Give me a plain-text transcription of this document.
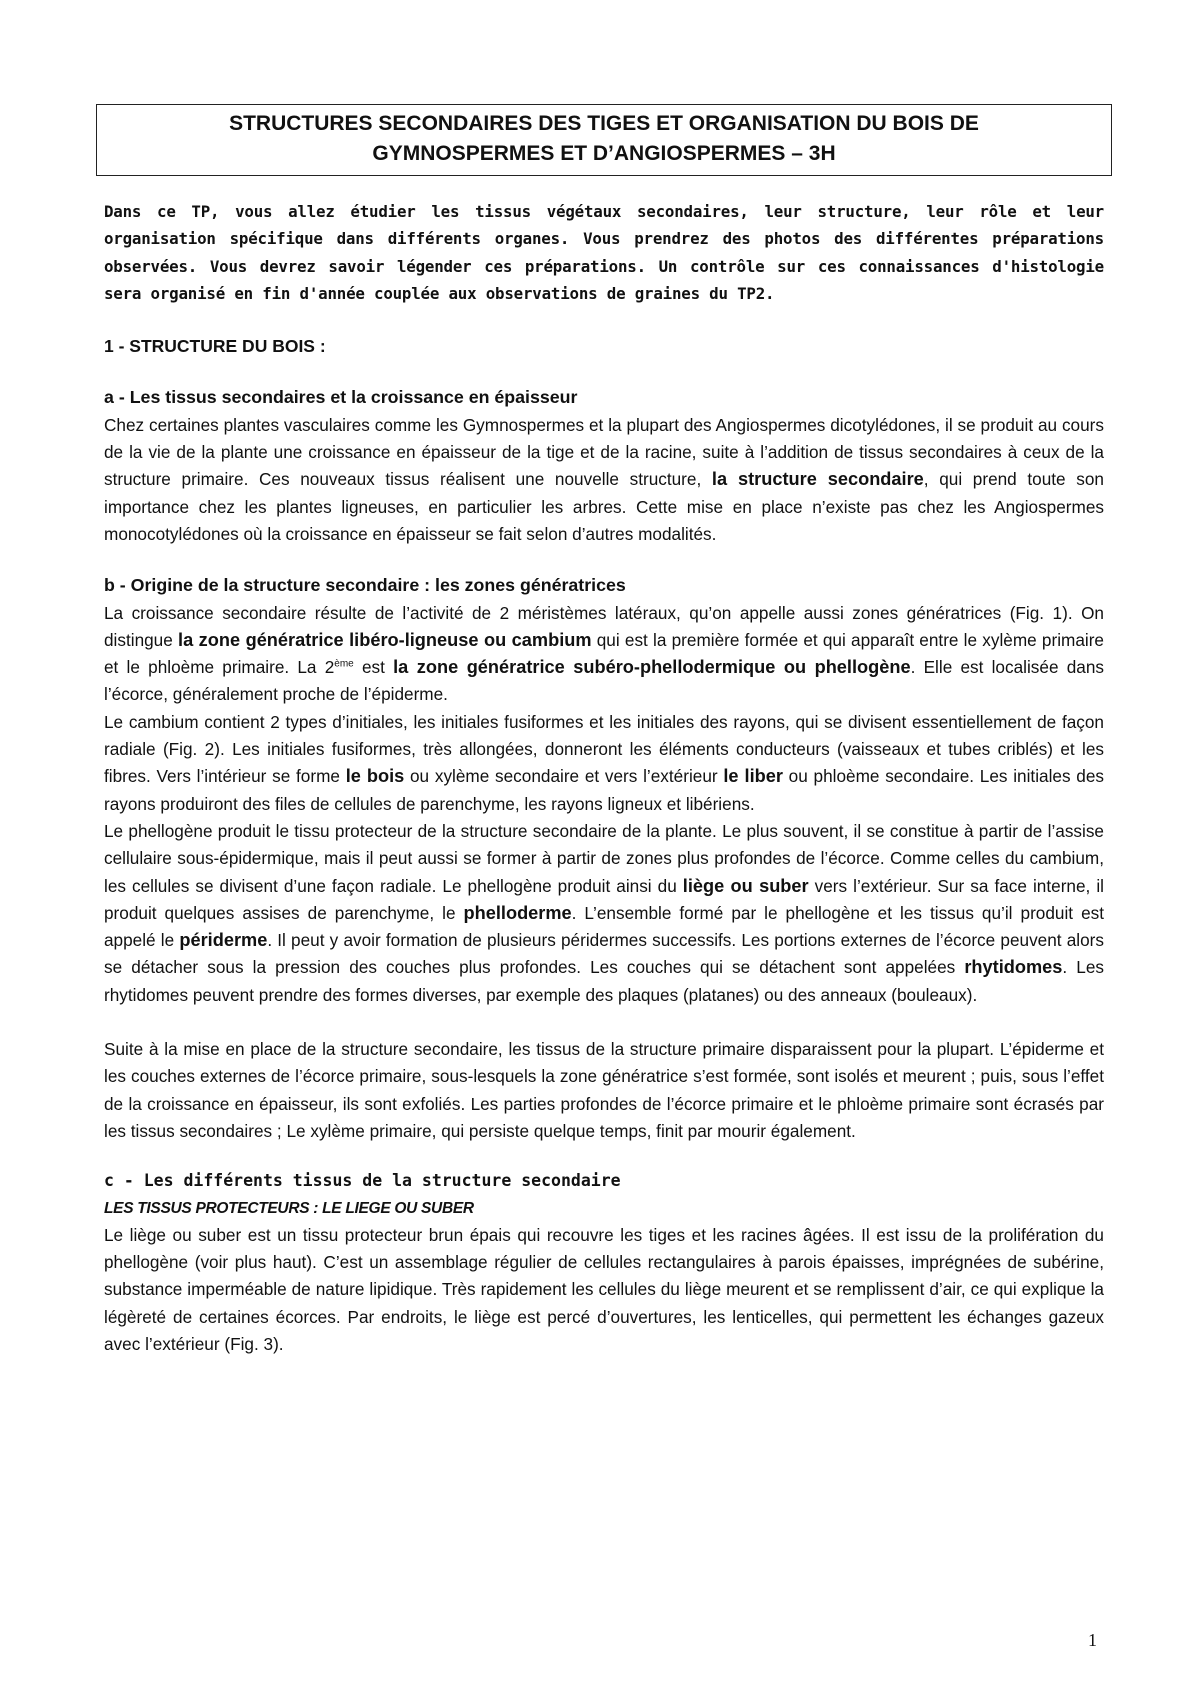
STRUCTURES SECONDAIRES DES TIGES ET ORGANISATION DU BOIS DE
GYMNOSPERMES ET D’ANGIOSPERMES – 3H

Dans ce TP, vous allez étudier les tissus végétaux secondaires, leur structure, leur rôle et leur organisation spécifique dans différents organes. Vous prendrez des photos des différentes préparations observées. Vous devrez savoir légender ces préparations. Un contrôle sur ces connaissances d'histologie sera organisé en fin d'année couplée aux observations de graines du TP2.

1 - STRUCTURE DU BOIS :

a - Les tissus secondaires et la croissance en épaisseur

Chez certaines plantes vasculaires comme les Gymnospermes et la plupart des Angiospermes dicotylédones, il se produit au cours de la vie de la plante une croissance en épaisseur de la tige et de la racine, suite à l’addition de tissus secondaires à ceux de la structure primaire. Ces nouveaux tissus réalisent une nouvelle structure, la structure secondaire, qui prend toute son importance chez les plantes ligneuses, en particulier les arbres. Cette mise en place n’existe pas chez les Angiospermes monocotylédones où la croissance en épaisseur se fait selon d’autres modalités.

b - Origine de la structure secondaire : les zones génératrices

La croissance secondaire résulte de l’activité de 2 méristèmes latéraux, qu’on appelle aussi zones génératrices (Fig. 1). On distingue la zone génératrice libéro-ligneuse ou cambium qui est la première formée et qui apparaît entre le xylème primaire et le phloème primaire. La 2ème est la zone génératrice subéro-phellodermique ou phellogène. Elle est localisée dans l’écorce, généralement proche de l’épiderme.

Le cambium contient 2 types d’initiales, les initiales fusiformes et les initiales des rayons, qui se divisent essentiellement de façon radiale (Fig. 2). Les initiales fusiformes, très allongées, donneront les éléments conducteurs (vaisseaux et tubes criblés) et les fibres. Vers l’intérieur se forme le bois ou xylème secondaire et vers l’extérieur le liber ou phloème secondaire. Les initiales des rayons produiront des files de cellules de parenchyme, les rayons ligneux et libériens.

Le phellogène produit le tissu protecteur de la structure secondaire de la plante. Le plus souvent, il se constitue à partir de l’assise cellulaire sous-épidermique, mais il peut aussi se former à partir de zones plus profondes de l’écorce. Comme celles du cambium, les cellules se divisent d’une façon radiale. Le phellogène produit ainsi du liège ou suber vers l’extérieur. Sur sa face interne, il produit quelques assises de parenchyme, le phelloderme. L’ensemble formé par le phellogène et les tissus qu’il produit est appelé le périderme. Il peut y avoir formation de plusieurs péridermes successifs. Les portions externes de l’écorce peuvent alors se détacher sous la pression des couches plus profondes. Les couches qui se détachent sont appelées rhytidomes. Les rhytidomes peuvent prendre des formes diverses, par exemple des plaques (platanes) ou des anneaux (bouleaux).

Suite à la mise en place de la structure secondaire, les tissus de la structure primaire disparaissent pour la plupart. L’épiderme et les couches externes de l’écorce primaire, sous-lesquels la zone génératrice s’est formée, sont isolés et meurent ; puis, sous l’effet de la croissance en épaisseur, ils sont exfoliés. Les parties profondes de l’écorce primaire et le phloème primaire sont écrasés par les tissus secondaires ; Le xylème primaire, qui persiste quelque temps, finit par mourir également.

c - Les différents tissus de la structure secondaire

LES TISSUS PROTECTEURS : LE LIEGE OU SUBER

Le liège ou suber est un tissu protecteur brun épais qui recouvre les tiges et les racines âgées. Il est issu de la prolifération du phellogène (voir plus haut). C’est un assemblage régulier de cellules rectangulaires à parois épaisses, imprégnées de subérine, substance imperméable de nature lipidique. Très rapidement les cellules du liège meurent et se remplissent d’air, ce qui explique la légèreté de certaines écorces. Par endroits, le liège est percé d’ouvertures, les lenticelles, qui permettent les échanges gazeux avec l’extérieur (Fig. 3).

1
